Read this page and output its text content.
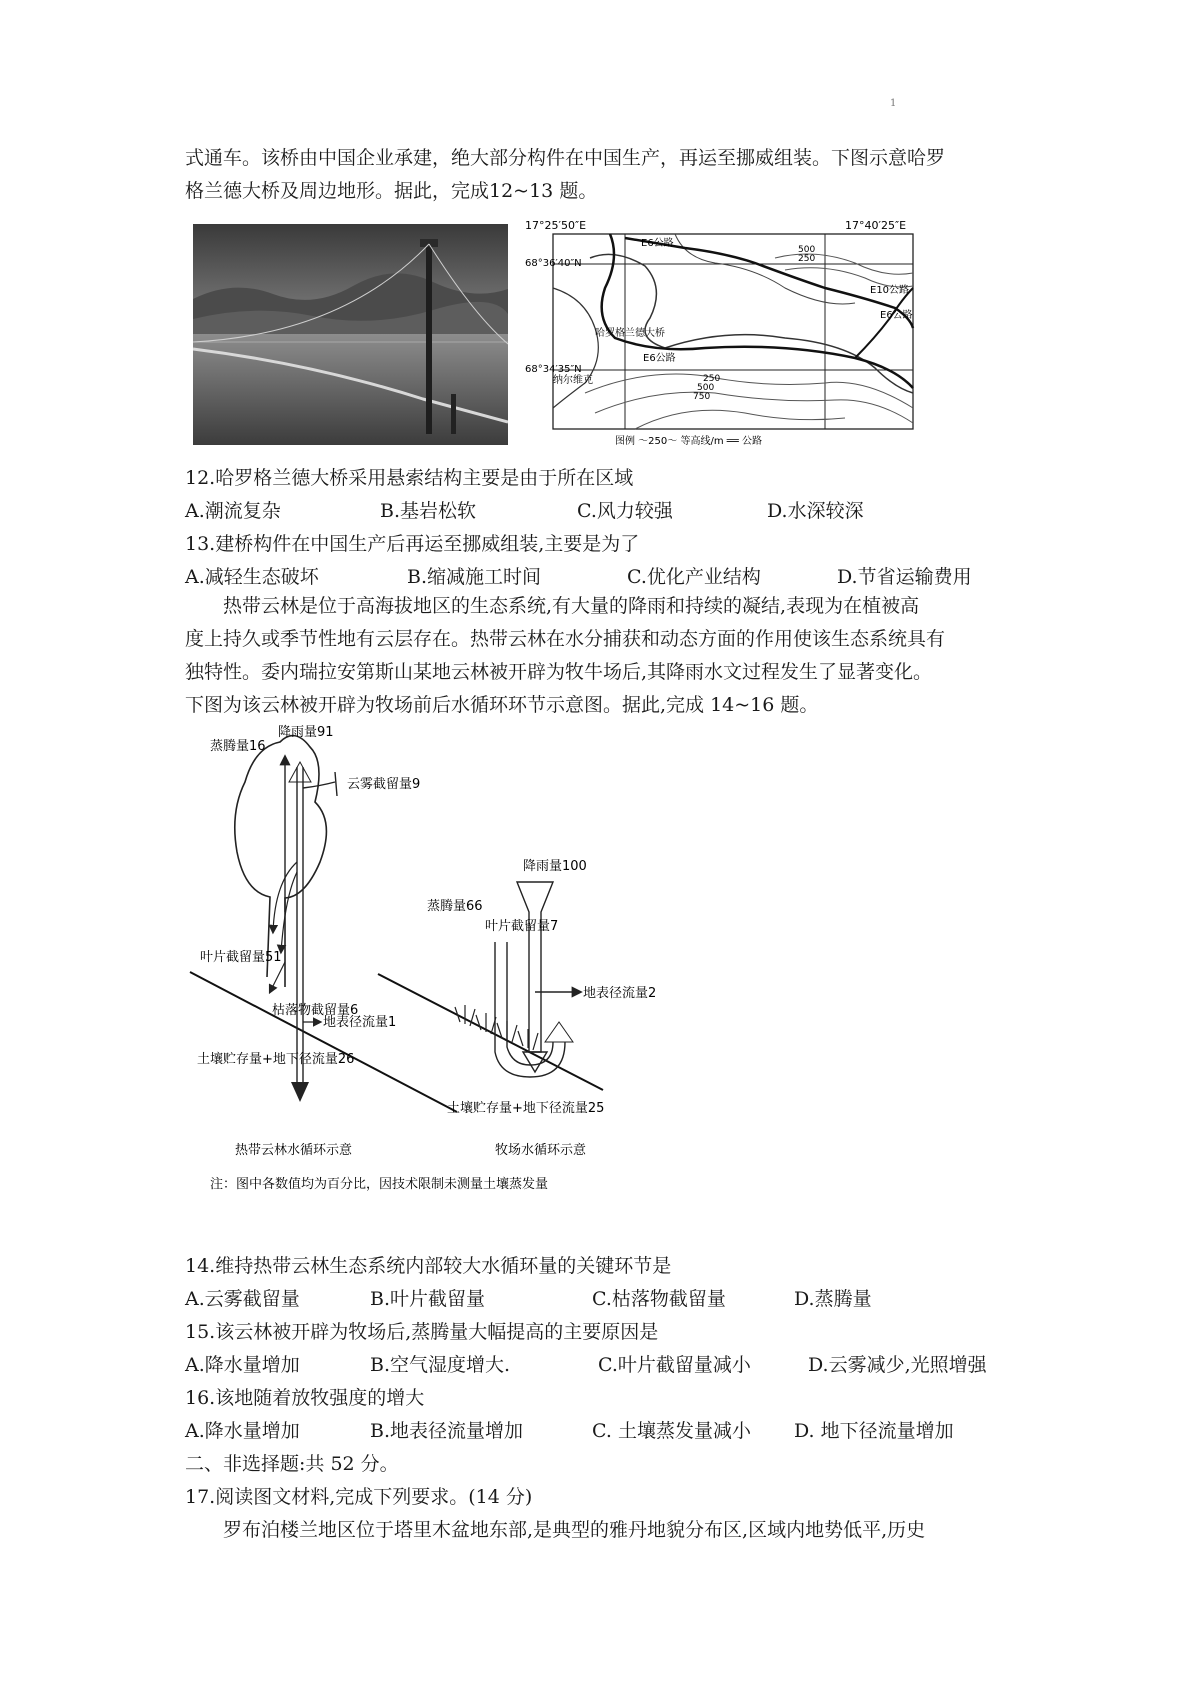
1

式通车。该桥由中国企业承建，绝大部分构件在中国生产，再运至挪威组装。下图示意哈罗

格兰德大桥及周边地形。据此，完成12~13 题。

17°25′50″E	17°40′25″E
68°36′40″N
68°34′35″N
E6公路
500
250
E10公路
E6公路
哈罗格兰德大桥
E6公路
纳尔维克	250
500
750
图例 ～250～ 等高线/m ══ 公路

12.哈罗格兰德大桥采用悬索结构主要是由于所在区域

A.潮流复杂	B.基岩松软	C.风力较强	D.水深较深

13.建桥构件在中国生产后再运至挪威组装,主要是为了

A.减轻生态破坏	B.缩减施工时间	C.优化产业结构	D.节省运输费用

热带云林是位于高海拔地区的生态系统,有大量的降雨和持续的凝结,表现为在植被高

度上持久或季节性地有云层存在。热带云林在水分捕获和动态方面的作用使该生态系统具有

独特性。委内瑞拉安第斯山某地云林被开辟为牧牛场后,其降雨水文过程发生了显著变化。

下图为该云林被开辟为牧场前后水循环环节示意图。据此,完成 14~16 题。

蒸腾量16
降雨量91
云雾截留量9
叶片截留量51
枯落物截留量6
地表径流量1
土壤贮存量+地下径流量26
热带云林水循环示意
降雨量100
蒸腾量66
叶片截留量7
地表径流量2
土壤贮存量+地下径流量25
牧场水循环示意
注：图中各数值均为百分比，因技术限制未测量土壤蒸发量

14.维持热带云林生态系统内部较大水循环量的关键环节是

A.云雾截留量	B.叶片截留量	C.枯落物截留量	D.蒸腾量

15.该云林被开辟为牧场后,蒸腾量大幅提高的主要原因是

A.降水量增加	B.空气湿度增大.	C.叶片截留量减小	D.云雾减少,光照增强

16.该地随着放牧强度的增大

A.降水量增加	B.地表径流量增加	C. 土壤蒸发量减小	D. 地下径流量增加

二、非选择题:共 52 分。

17.阅读图文材料,完成下列要求。(14 分)

罗布泊楼兰地区位于塔里木盆地东部,是典型的雅丹地貌分布区,区域内地势低平,历史
